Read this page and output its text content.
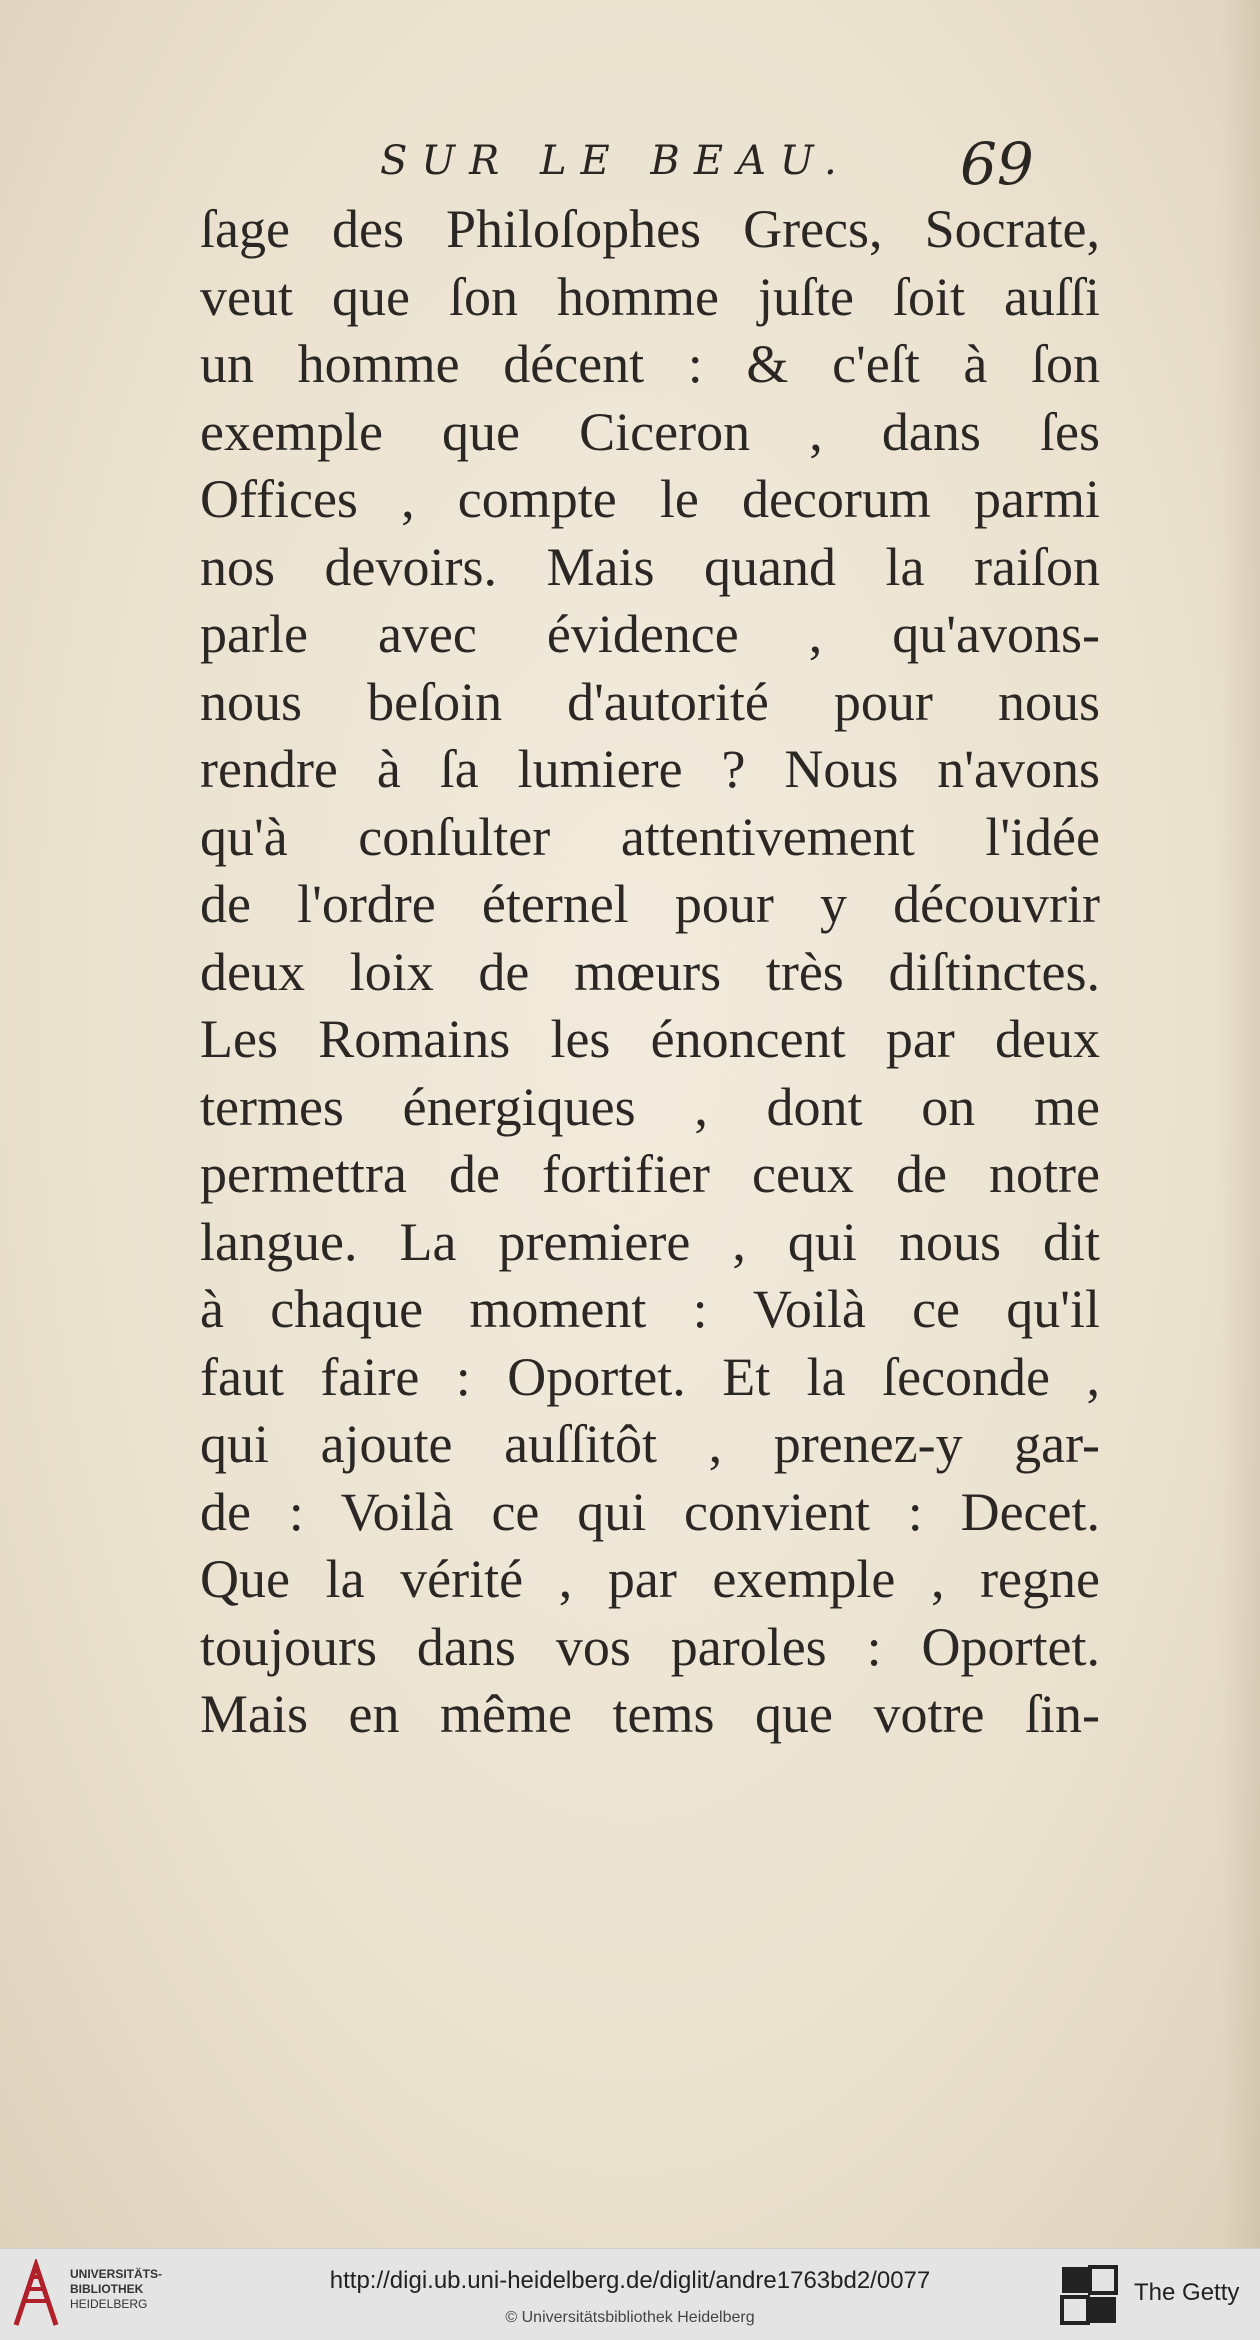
SUR LE BEAU. 69
ſage des Philoſophes Grecs, Socrate,
veut que ſon homme juſte ſoit auſſi
un homme décent : & c'eſt à ſon
exemple que Ciceron , dans ſes
Offices , compte le decorum parmi
nos devoirs. Mais quand la raiſon
parle avec évidence , qu'avons-
nous beſoin d'autorité pour nous
rendre à ſa lumiere ? Nous n'avons
qu'à conſulter attentivement l'idée
de l'ordre éternel pour y découvrir
deux loix de mœurs très diſtinctes.
Les Romains les énoncent par deux
termes énergiques , dont on me
permettra de fortifier ceux de notre
langue. La premiere , qui nous dit
à chaque moment : Voilà ce qu'il
faut faire : Oportet. Et la ſeconde ,
qui ajoute auſſitôt , prenez-y gar-
de : Voilà ce qui convient : Decet.
Que la vérité , par exemple , regne
toujours dans vos paroles : Oportet.
Mais en même tems que votre ſin-
UNIVERSITÄTS-
BIBLIOTHEK
HEIDELBERG
http://digi.ub.uni-heidelberg.de/diglit/andre1763bd2/0077
© Universitätsbibliothek Heidelberg
The Getty
